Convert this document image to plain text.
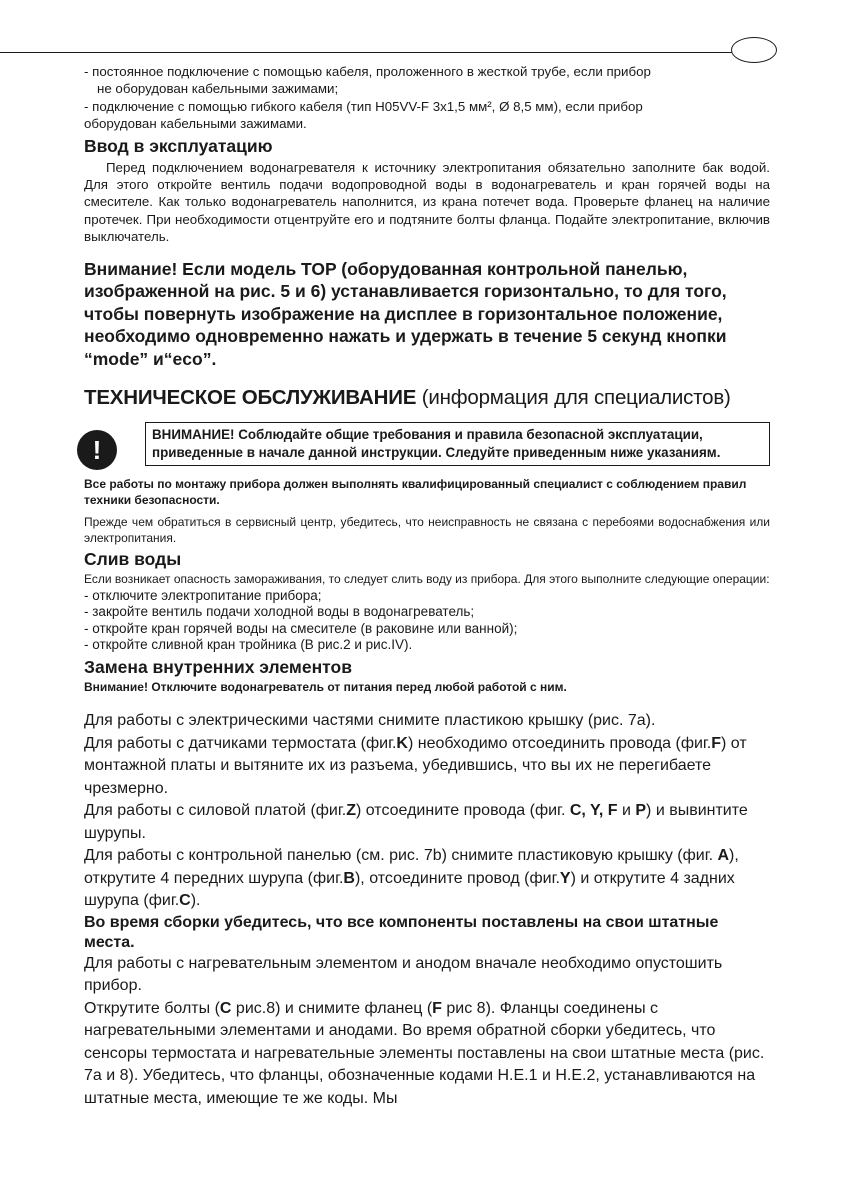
- постоянное подключение с помощью кабеля, проложенного в жесткой трубе, если прибор

не оборудован кабельными зажимами;

- подключение с помощью гибкого кабеля (тип H05VV-F 3x1,5 мм², Ø 8,5 мм), если прибор

оборудован кабельными зажимами.

Ввод в эксплуатацию

Перед подключением водонагревателя к источнику электропитания обязательно заполните бак водой. Для этого откройте вентиль подачи водопроводной воды в водонагреватель и кран горячей воды на смесителе. Как только водонагреватель наполнится, из крана потечет вода. Проверьте фланец на наличие протечек. При необходимости отцентруйте его и подтяните болты фланца. Подайте электропитание, включив выключатель.

Внимание! Если модель TOP (оборудованная контрольной панелью, изображенной на рис. 5 и 6) устанавливается горизонтально, то для того, чтобы повернуть изображение на дисплее в горизонтальное положение, необходимо одновременно нажать и удержать в течение 5 секунд кнопки “mode” и“eco”.

ТЕХНИЧЕСКОЕ ОБСЛУЖИВАНИЕ (информация для специалистов)
!
ВНИМАНИЕ! Соблюдайте общие требования и правила безопасной эксплуатации, приведенные в начале данной инструкции. Следуйте приведенным ниже указаниям.

Все работы по монтажу прибора должен выполнять квалифицированный специалист с соблюдением правил техники безопасности.

Прежде чем обратиться в сервисный центр, убедитесь, что неисправность не связана с перебоями водоснабжения или электропитания.

Слив воды

Если возникает опасность замораживания, то следует слить воду из прибора. Для этого выполните следующие операции:

- отключите электропитание прибора;

- закройте вентиль подачи холодной воды в водонагреватель;

- откройте кран горячей воды на смесителе (в раковине или ванной);

- откройте сливной кран тройника (В рис.2 и рис.IV).

Замена внутренних элементов

Внимание! Отключите водонагреватель от питания перед любой работой с ним.

Для работы с электрическими частями снимите пластикою крышку (рис. 7a).

Для работы с датчиками термостата (фиг.K) необходимо отсоединить провода (фиг.F) от монтажной платы и вытяните их из разъема, убедившись, что вы их не перегибаете чрезмерно.

Для работы с силовой платой (фиг.Z) отсоедините провода (фиг. C, Y, F и P) и вывинтите шурупы.

Для работы с контрольной панелью (см. рис. 7b) снимите пластиковую крышку (фиг. A), открутите 4 передних шурупа (фиг.B), отсоедините провод (фиг.Y) и открутите 4 задних шурупа (фиг.C).

Во время сборки убедитесь, что все компоненты поставлены на свои штатные места.

Для работы с нагревательным элементом и анодом вначале необходимо опустошить прибор.

Открутите болты (C рис.8) и снимите фланец (F рис 8). Фланцы соединены с нагревательными элементами и анодами. Во время обратной сборки убедитесь, что сенсоры термостата и нагревательные элементы поставлены на свои штатные места (рис. 7a и 8). Убедитесь, что фланцы, обозначенные кодами H.E.1 и H.E.2, устанавливаются на штатные места, имеющие те же коды. Мы
